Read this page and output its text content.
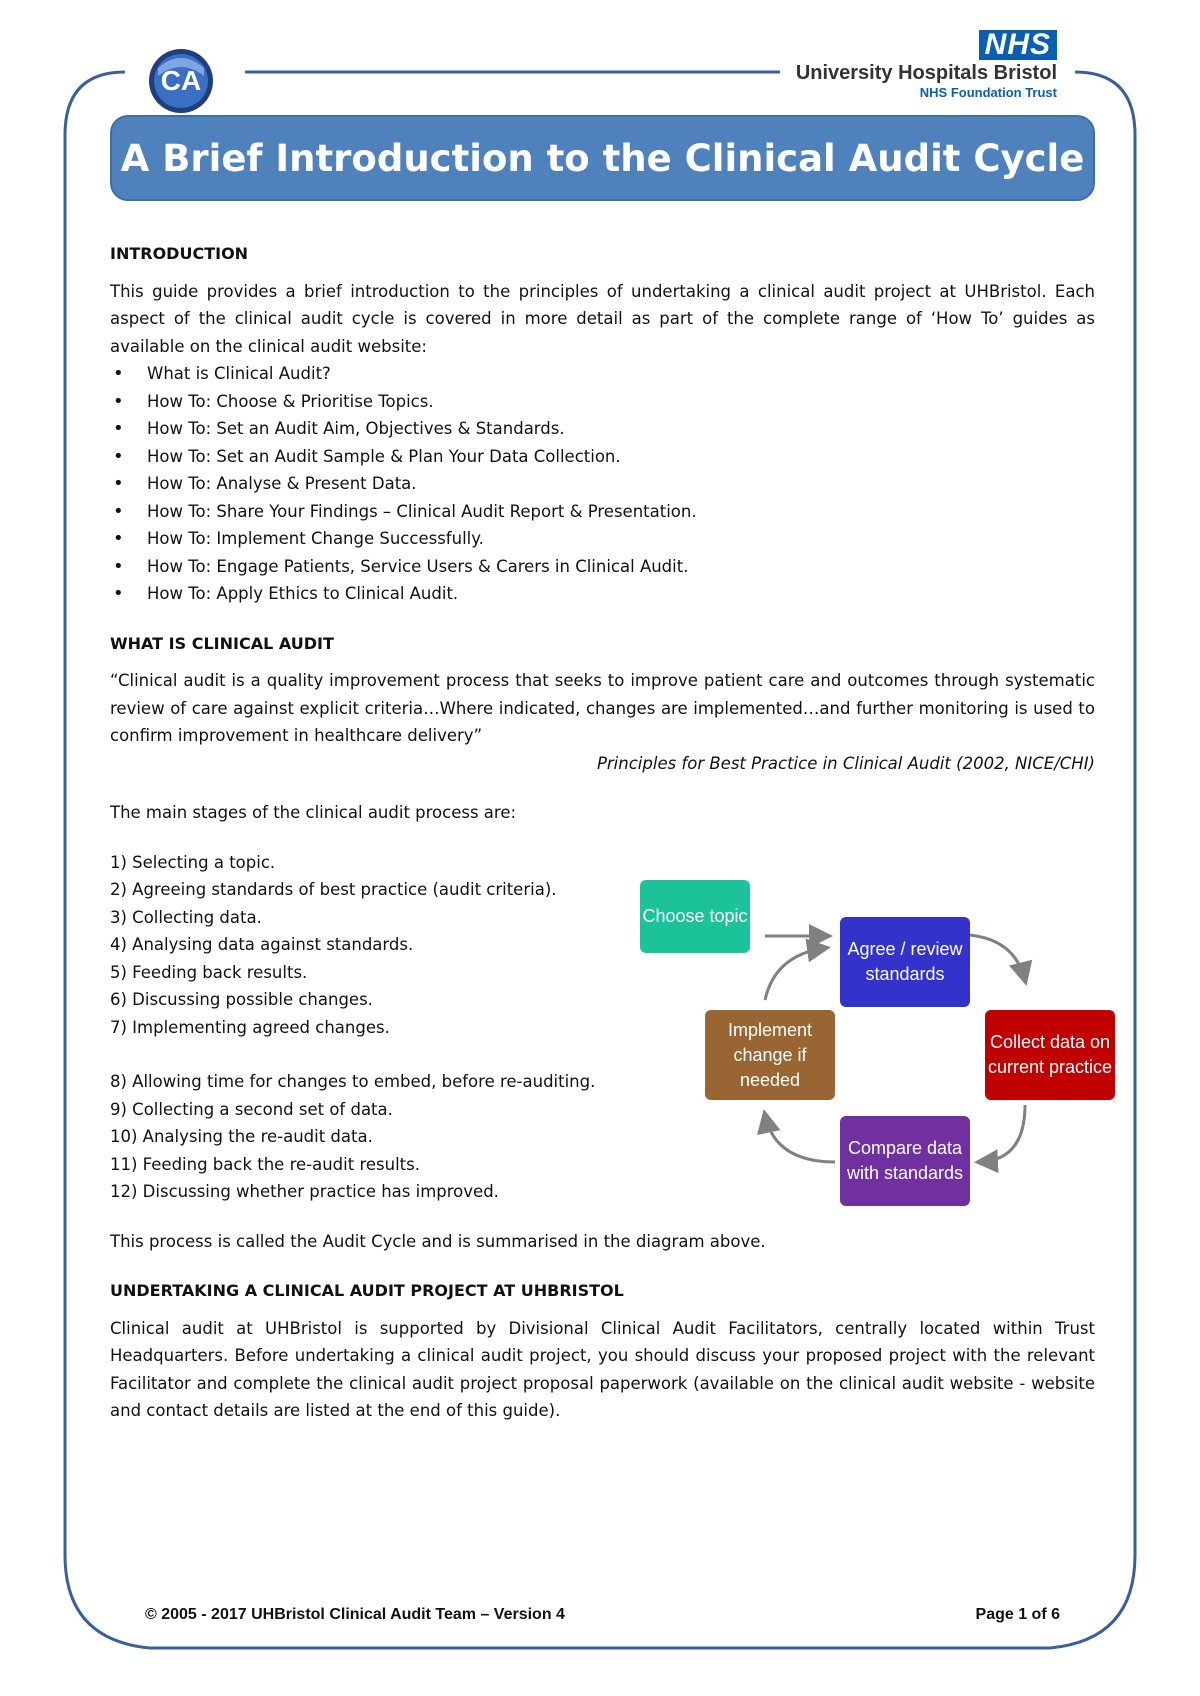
CA
NHS
University Hospitals Bristol
NHS Foundation Trust
A Brief Introduction to the Clinical Audit Cycle

INTRODUCTION

This guide provides a brief introduction to the principles of undertaking a clinical audit project at UHBristol. Each aspect of the clinical audit cycle is covered in more detail as part of the complete range of ‘How To’ guides as available on the clinical audit website:

• What is Clinical Audit?
• How To: Choose & Prioritise Topics.
• How To: Set an Audit Aim, Objectives & Standards.
• How To: Set an Audit Sample & Plan Your Data Collection.
• How To: Analyse & Present Data.
• How To: Share Your Findings – Clinical Audit Report & Presentation.
• How To: Implement Change Successfully.
• How To: Engage Patients, Service Users & Carers in Clinical Audit.
• How To: Apply Ethics to Clinical Audit.

WHAT IS CLINICAL AUDIT

“Clinical audit is a quality improvement process that seeks to improve patient care and outcomes through systematic review of care against explicit criteria…Where indicated, changes are implemented…and further monitoring is used to confirm improvement in healthcare delivery”

Principles for Best Practice in Clinical Audit (2002, NICE/CHI)

The main stages of the clinical audit process are:

1) Selecting a topic.

2) Agreeing standards of best practice (audit criteria).

3) Collecting data.

4) Analysing data against standards.

5) Feeding back results.

6) Discussing possible changes.

7) Implementing agreed changes.

8) Allowing time for changes to embed, before re-auditing.

9) Collecting a second set of data.

10) Analysing the re-audit data.

11) Feeding back the re-audit results.

12) Discussing whether practice has improved.

This process is called the Audit Cycle and is summarised in the diagram above.

UNDERTAKING A CLINICAL AUDIT PROJECT AT UHBRISTOL

Clinical audit at UHBristol is supported by Divisional Clinical Audit Facilitators, centrally located within Trust Headquarters. Before undertaking a clinical audit project, you should discuss your proposed project with the relevant Facilitator and complete the clinical audit project proposal paperwork (available on the clinical audit website - website and contact details are listed at the end of this guide).

Choose topic
Agree / review standards
Collect data on current practice
Compare data with standards
Implement change if needed
© 2005 - 2017 UHBristol Clinical Audit Team – Version 4	Page 1 of 6
